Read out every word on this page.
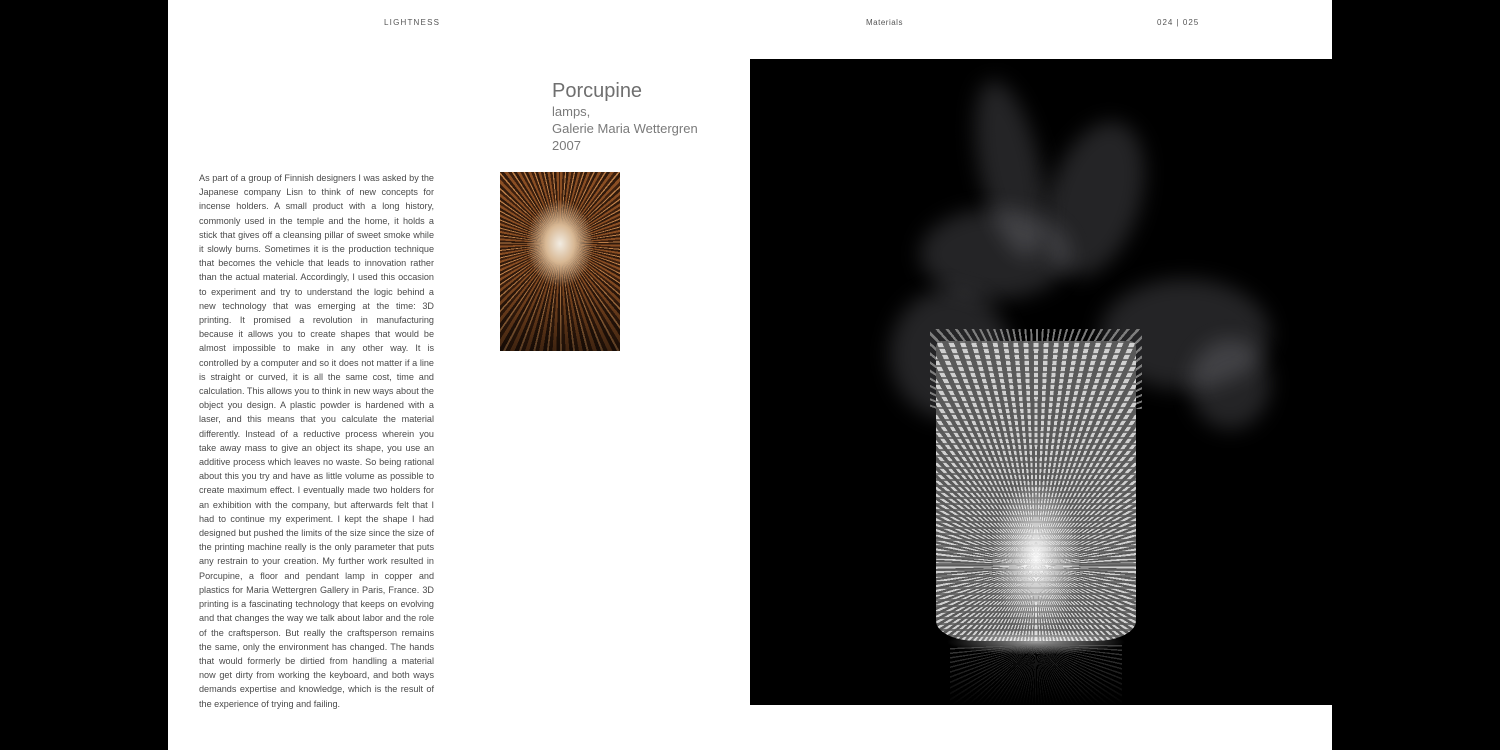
LIGHTNESS	Materials	024 | 025
Porcupine
lamps,
Galerie Maria Wettergren
2007
As part of a group of Finnish designers I was asked by the Japanese company Lisn to think of new concepts for incense holders. A small product with a long history, commonly used in the temple and the home, it holds a stick that gives off a cleansing pillar of sweet smoke while it slowly burns. Sometimes it is the production technique that becomes the vehicle that leads to innovation rather than the actual material. Accordingly, I used this occasion to experiment and try to understand the logic behind a new technology that was emerging at the time: 3D printing. It promised a revolution in manufacturing because it allows you to create shapes that would be almost impossible to make in any other way. It is controlled by a computer and so it does not matter if a line is straight or curved, it is all the same cost, time and calculation. This allows you to think in new ways about the object you design. A plastic powder is hardened with a laser, and this means that you calculate the material differently. Instead of a reductive process wherein you take away mass to give an object its shape, you use an additive process which leaves no waste. So being rational about this you try and have as little volume as possible to create maximum effect. I eventually made two holders for an exhibition with the company, but afterwards felt that I had to continue my experiment. I kept the shape I had designed but pushed the limits of the size since the size of the printing machine really is the only parameter that puts any restrain to your creation. My further work resulted in Porcupine, a floor and pendant lamp in copper and plastics for Maria Wettergren Gallery in Paris, France. 3D printing is a fascinating technology that keeps on evolving and that changes the way we talk about labor and the role of the craftsperson. But really the craftsperson remains the same, only the environment has changed. The hands that would formerly be dirtied from handling a material now get dirty from working the keyboard, and both ways demands expertise and knowledge, which is the result of the experience of trying and failing.
